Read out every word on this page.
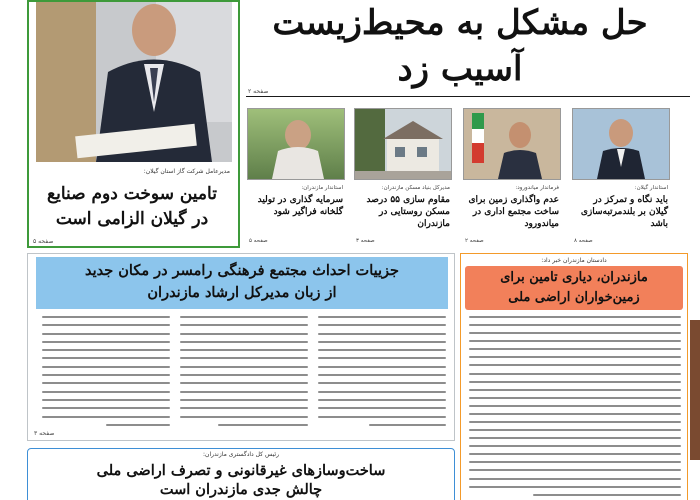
حل مشکل به محیط‌زیست
آسیب زد
صفحه ۲
مدیرعامل شرکت گاز استان گیلان:
تامین سوخت دوم صنایع
در گیلان الزامی است
صفحه ۵
استاندار مازندران:
سرمایه گذاری در تولید گلخانه فراگیر شود
صفحه ۵
مدیرکل بنیاد مسکن مازندران:
مقاوم سازی ۵۵ درصد مسکن روستایی در مازندران
صفحه ۳
فرماندار میاندورود:
عدم واگذاری زمین برای ساخت مجتمع اداری در میاندورود
صفحه ۲
استاندار گیلان:
باید نگاه و تمرکز در گیلان بر بلندمرتبه‌سازی باشد
صفحه ۸
دادستان مازندران خبر داد:
مازندران، دیاری تامین برای
زمین‌خواران اراضی ملی
جزییات احداث مجتمع فرهنگی رامسر در مکان جدید
از زبان مدیرکل ارشاد مازندران
صفحه ۳
رئیس کل دادگستری مازندران:
ساخت‌وسازهای غیرقانونی و تصرف اراضی ملی
چالش جدی مازندران است
